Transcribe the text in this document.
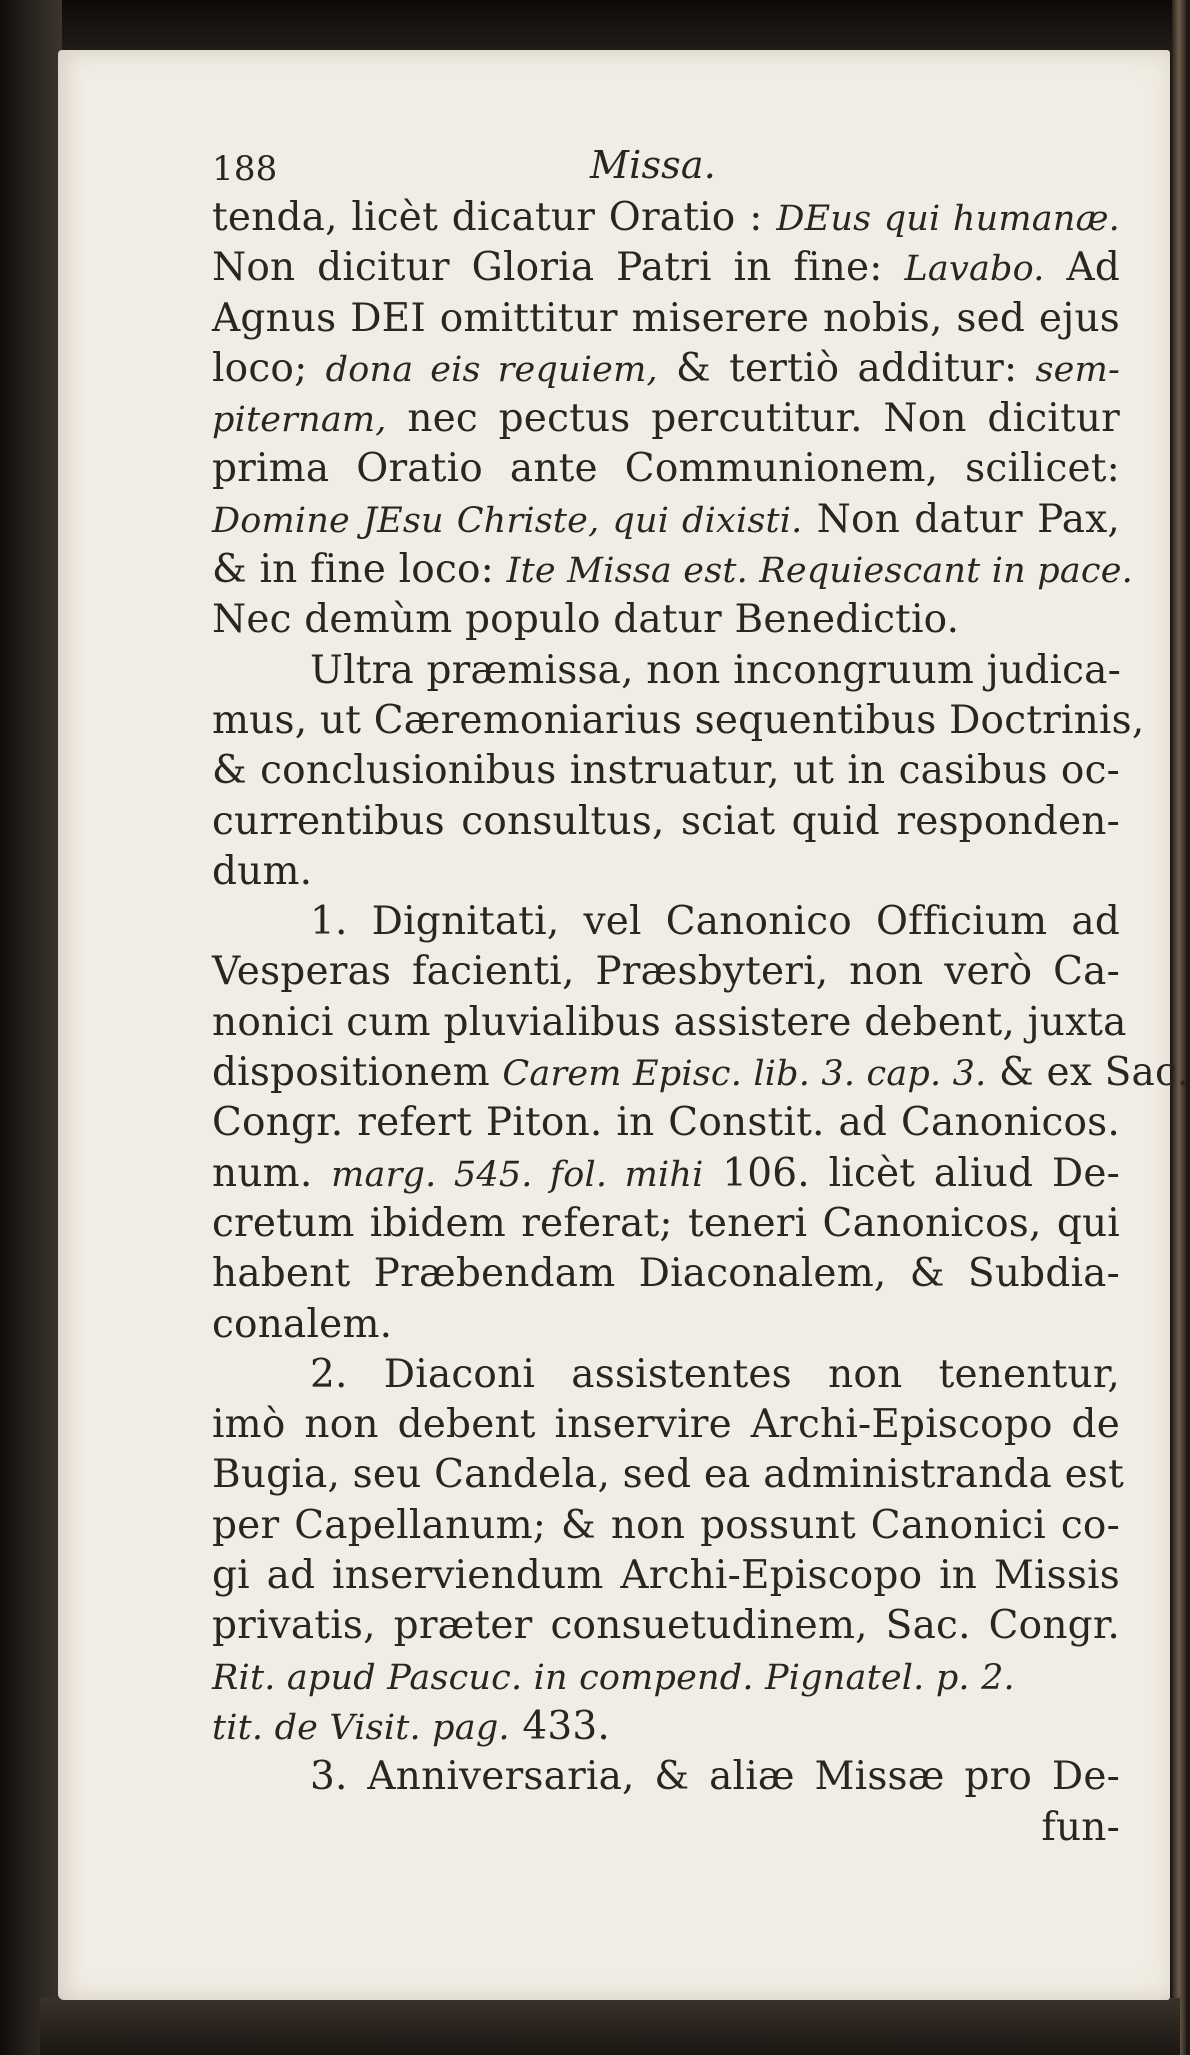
188	Missa.
tenda, licèt dicatur Oratio : DEus qui humanæ.
Non dicitur Gloria Patri in fine: Lavabo. Ad
Agnus DEI omittitur miserere nobis, sed ejus
loco; dona eis requiem, & tertiò additur: sem-
piternam, nec pectus percutitur. Non dicitur
prima Oratio ante Communionem, scilicet:
Domine JEsu Christe, qui dixisti. Non datur Pax,
& in fine loco: Ite Missa est. Requiescant in pace.
Nec demùm populo datur Benedictio.
Ultra præmissa, non incongruum judica-
mus, ut Cæremoniarius sequentibus Doctrinis,
& conclusionibus instruatur, ut in casibus oc-
currentibus consultus, sciat quid responden-
dum.
1. Dignitati, vel Canonico Officium ad
Vesperas facienti, Præsbyteri, non verò Ca-
nonici cum pluvialibus assistere debent, juxta
dispositionem Carem Episc. lib. 3. cap. 3. & ex Sac.
Congr. refert Piton. in Constit. ad Canonicos.
num. marg. 545. fol. mihi 106. licèt aliud De-
cretum ibidem referat; teneri Canonicos, qui
habent Præbendam Diaconalem, & Subdia-
conalem.
2. Diaconi assistentes non tenentur,
imò non debent inservire Archi-Episcopo de
Bugia, seu Candela, sed ea administranda est
per Capellanum; & non possunt Canonici co-
gi ad inserviendum Archi-Episcopo in Missis
privatis, præter consuetudinem, Sac. Congr.
Rit. apud Pascuc. in compend. Pignatel. p. 2.
tit. de Visit. pag. 433.
3. Anniversaria, & aliæ Missæ pro De-
fun-
